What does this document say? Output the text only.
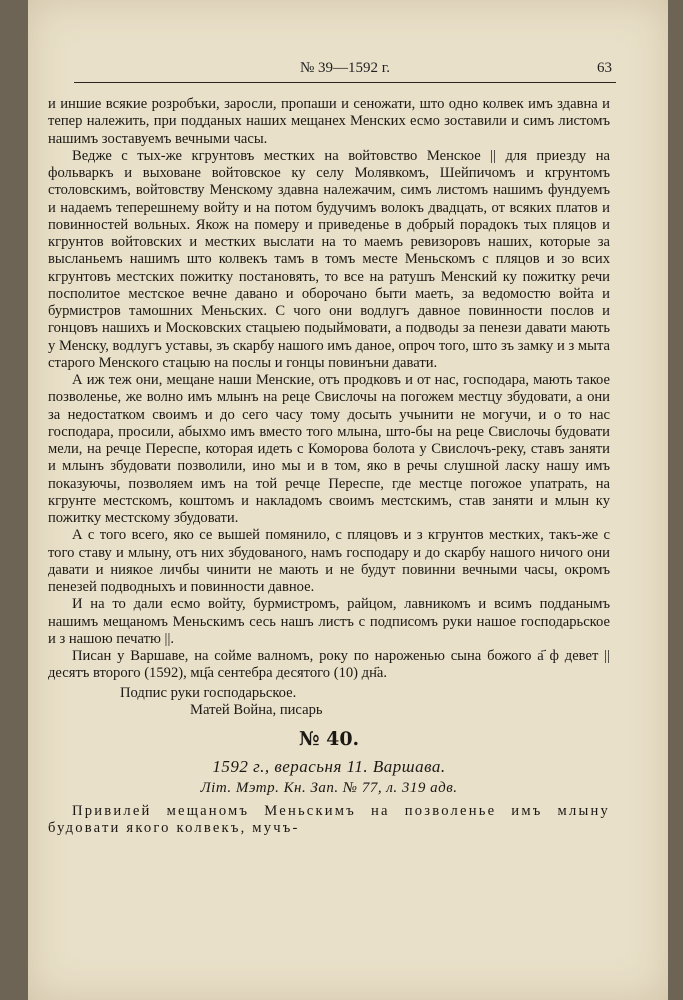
№ 39—1592 г.	63

и иншие всякие розробъки, заросли, пропаши и сеножати, што одно колвек имъ здавна и тепер належить, при подданых наших мещанех Менских есмо зоставили и симъ листомъ нашимъ зоставуемъ вечными часы.

Ведже с тых-же кгрунтовъ местких на войтовство Менское || для приезду на фольваркъ и выховане войтовское ку селу Молявкомъ, Шейпичомъ и кгрунтомъ столовскимъ, войтовству Менскому здавна належачим, симъ листомъ нашимъ фундуемъ и надаемъ теперешнему войту и на потом будучимъ волокъ двадцать, от всяких платов и повинностей вольных. Якож на померу и приведенье в добрый порадокъ тых пляцов и кгрунтов войтовских и местких выслати на то маемъ ревизоровъ наших, которые за высланьемъ нашимъ што колвекъ тамъ в томъ месте Меньскомъ с пляцов и зо всих кгрунтовъ местских пожитку постановять, то все на ратушъ Менский ку пожитку речи посполитое местское вечне давано и оборочано быти маеть, за ведомостю войта и бурмистров тамошних Меньских. С чого они водлугъ давное повинности послов и гонцовъ нашихъ и Московских стацыею подыймовати, а подводы за пенези давати мають у Менску, водлугъ уставы, зъ скарбу нашого имъ даное, опроч того, што зъ замку и з мыта старого Менского стацыю на послы и гонцы повинъни давати.

А иж теж они, мещане наши Менские, отъ продковъ и от нас, господара, мають такое позволенье, же волно имъ млынъ на реце Свислочы на погожем местцу збудовати, а они за недостатком своимъ и до сего часу тому досыть учынити не могучи, и о то нас господара, просили, абыхмо имъ вместо того млына, што-бы на реце Свислочы будовати мели, на речце Переспе, которая идеть с Коморова болота у Свислочъ-реку, ставъ заняти и млынъ збудовати позволили, ино мы и в том, яко в речы слушной ласку нашу имъ показуючы, позволяем имъ на той речце Переспе, где местце погожое упатрать, на кгрунте местскомъ, коштомъ и накладомъ своимъ местскимъ, став заняти и млын ку пожитку местскому збудовати.

А с того всего, яко се вышей помянило, с пляцовъ и з кгрунтов местких, такъ-же с того ставу и млыну, отъ них збудованого, намъ господару и до скарбу нашого ничого они давати и ниякое личбы чинити не мають и не будут повинни вечными часы, окромъ пенезей подводныхъ и повинности давное.

И на то дали есмо войту, бурмистромъ, райцом, лавникомъ и всимъ подданымъ нашимъ мещаномъ Меньскимъ сесь нашъ листъ с подписомъ руки нашое господарьское и з нашою печатю ||.

Писан у Варшаве, на сойме валномъ, року по нароженью сына божого а҃ ф девет || десятъ второго (1592), мц҃а сентебра десятого (10) дн҃а.

Подпис руки господарьское.
Матей Война, писарь
№ 40.
1592 г., верасьня 11. Варшава.
Літ. Мэтр. Кн. Зап. № 77, л. 319 адв.

Привилей мещаномъ Меньскимъ на позволенье имъ млыну будовати якого колвекъ, мучъ-
